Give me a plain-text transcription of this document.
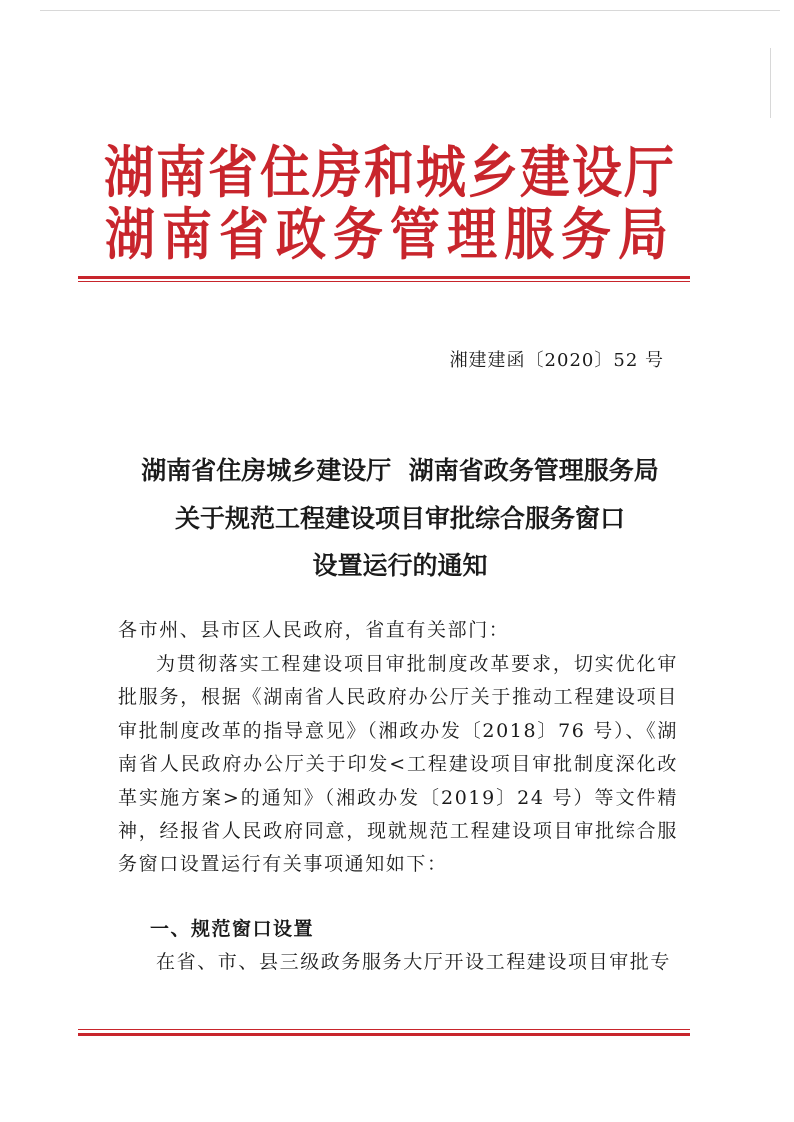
湖南省住房和城乡建设厅
湖南省政务管理服务局
湘建建函〔2020〕52 号
湖南省住房城乡建设厅  湖南省政务管理服务局
关于规范工程建设项目审批综合服务窗口
设置运行的通知

各市州、县市区人民政府，省直有关部门：

为贯彻落实工程建设项目审批制度改革要求，切实优化审批服务，根据《湖南省人民政府办公厅关于推动工程建设项目审批制度改革的指导意见》（湘政办发〔2018〕76 号）、《湖南省人民政府办公厅关于印发<工程建设项目审批制度深化改革实施方案>的通知》（湘政办发〔2019〕24 号）等文件精神，经报省人民政府同意，现就规范工程建设项目审批综合服务窗口设置运行有关事项通知如下：

一、规范窗口设置

在省、市、县三级政务服务大厅开设工程建设项目审批专
